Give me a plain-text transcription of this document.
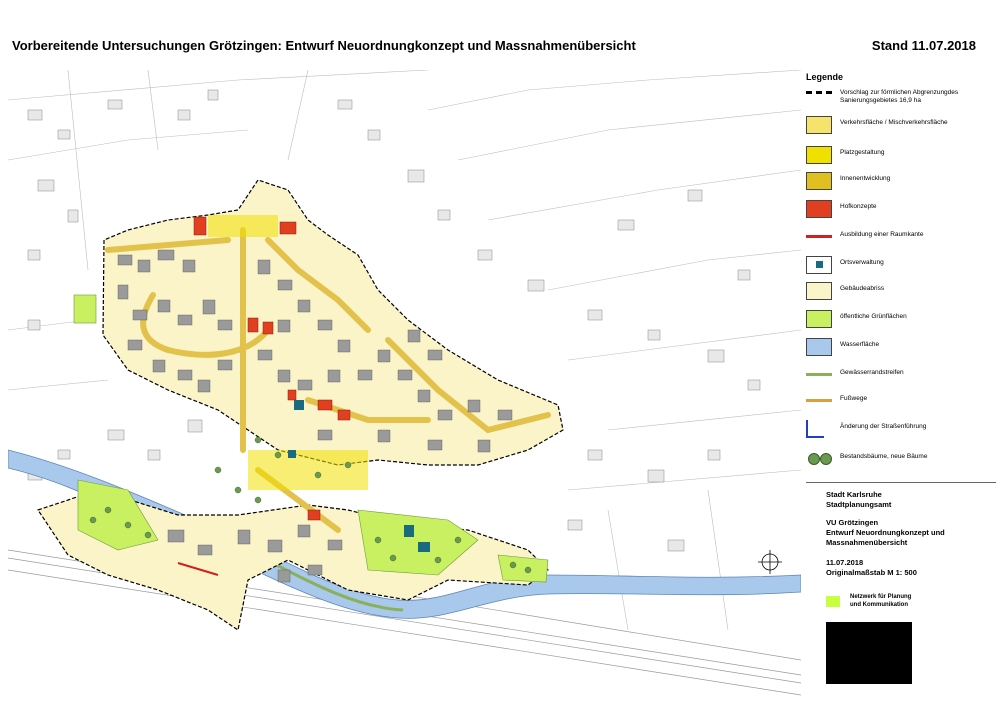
Vorbereitende Untersuchungen Grötzingen: Entwurf Neuordnungkonzept und Massnahmenübersicht	Stand 11.07.2018
Legende
Vorschlag zur förmlichen Abgrenzungdes Sanierungsgebietes 16,9 ha
Verkehrsfläche / Mischverkehrsfläche
Platzgestaltung
Innenentwicklung
Hofkonzepte
Ausbildung einer Raumkante
Ortsverwaltung
Gebäudeabriss
öffentliche Grünflächen
Wasserfläche
Gewässerrandstreifen
Fußwege
Änderung der Straßenführung
Bestandsbäume, neue Bäume
Stadt Karlsruhe
Stadtplanungsamt
VU Grötzingen
Entwurf Neuordnungkonzept und Massnahmenübersicht
11.07.2018
Originalmaßstab M 1: 500
Netzwerk für Planung
und Kommunikation
